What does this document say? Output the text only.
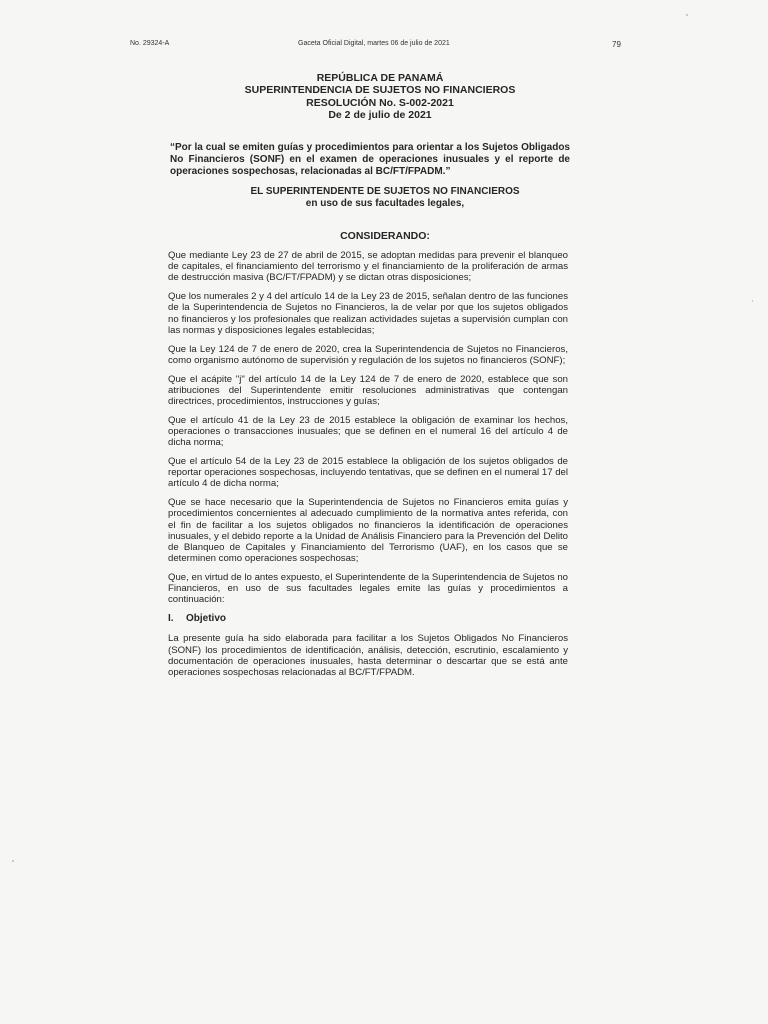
No. 29324-A	Gaceta Oficial Digital, martes 06 de julio de 2021	79
REPÚBLICA DE PANAMÁ
SUPERINTENDENCIA DE SUJETOS NO FINANCIEROS
RESOLUCIÓN No. S-002-2021
De 2 de julio de 2021
“Por la cual se emiten guías y procedimientos para orientar a los Sujetos Obligados No Financieros (SONF) en el examen de operaciones inusuales y el reporte de operaciones sospechosas, relacionadas al BC/FT/FPADM.”
EL SUPERINTENDENTE DE SUJETOS NO FINANCIEROS
en uso de sus facultades legales,
CONSIDERANDO:

Que mediante Ley 23 de 27 de abril de 2015, se adoptan medidas para prevenir el blanqueo de capitales, el financiamiento del terrorismo y el financiamiento de la proliferación de armas de destrucción masiva (BC/FT/FPADM) y se dictan otras disposiciones;

Que los numerales 2 y 4 del artículo 14 de la Ley 23 de 2015, señalan dentro de las funciones de la Superintendencia de Sujetos no Financieros, la de velar por que los sujetos obligados no financieros y los profesionales que realizan actividades sujetas a supervisión cumplan con las normas y disposiciones legales establecidas;

Que la Ley 124 de 7 de enero de 2020, crea la Superintendencia de Sujetos no Financieros, como organismo autónomo de supervisión y regulación de los sujetos no financieros (SONF);

Que el acápite "j" del artículo 14 de la Ley 124 de 7 de enero de 2020, establece que son atribuciones del Superintendente emitir resoluciones administrativas que contengan directrices, procedimientos, instrucciones y guías;

Que el artículo 41 de la Ley 23 de 2015 establece la obligación de examinar los hechos, operaciones o transacciones inusuales; que se definen en el numeral 16 del artículo 4 de dicha norma;

Que el artículo 54 de la Ley 23 de 2015 establece la obligación de los sujetos obligados de reportar operaciones sospechosas, incluyendo tentativas, que se definen en el numeral 17 del artículo 4 de dicha norma;

Que se hace necesario que la Superintendencia de Sujetos no Financieros emita guías y procedimientos concernientes al adecuado cumplimiento de la normativa antes referida, con el fin de facilitar a los sujetos obligados no financieros la identificación de operaciones inusuales, y el debido reporte a la Unidad de Análisis Financiero para la Prevención del Delito de Blanqueo de Capitales y Financiamiento del Terrorismo (UAF), en los casos que se determinen como operaciones sospechosas;

Que, en virtud de lo antes expuesto, el Superintendente de la Superintendencia de Sujetos no Financieros, en uso de sus facultades legales emite las guías y procedimientos a continuación:

I. Objetivo

La presente guía ha sido elaborada para facilitar a los Sujetos Obligados No Financieros (SONF) los procedimientos de identificación, análisis, detección, escrutinio, escalamiento y documentación de operaciones inusuales, hasta determinar o descartar que se está ante operaciones sospechosas relacionadas al BC/FT/FPADM.
